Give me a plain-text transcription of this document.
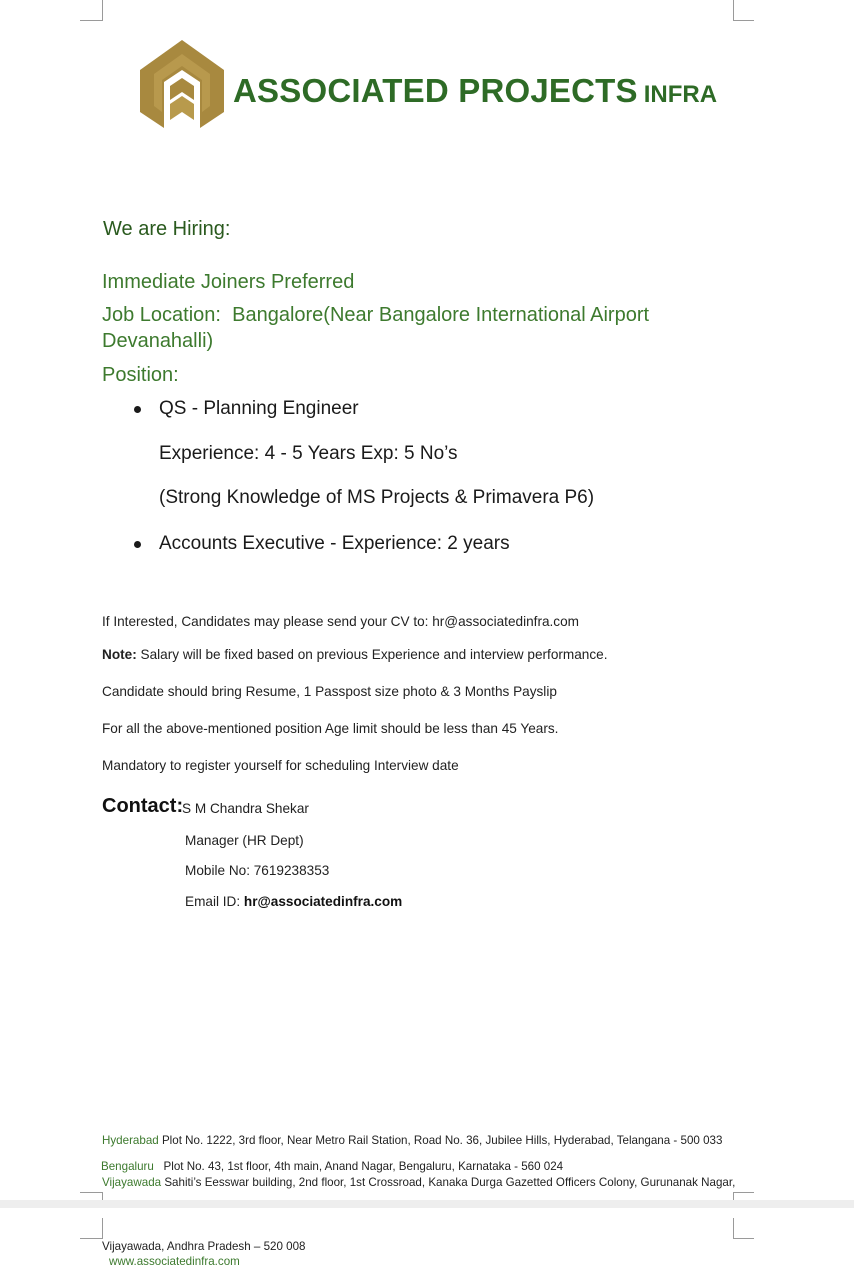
ASSOCIATED PROJECTS INFRA
We are Hiring:
Immediate Joiners Preferred
Job Location: Bangalore(Near Bangalore International Airport
Devanahalli)
Position:
QS - Planning Engineer
Experience: 4 - 5 Years Exp: 5 No’s
(Strong Knowledge of MS Projects & Primavera P6)
Accounts Executive - Experience: 2 years
If Interested, Candidates may please send your CV to: hr@associatedinfra.com
Note: Salary will be fixed based on previous Experience and interview performance.
Candidate should bring Resume, 1 Passpost size photo & 3 Months Payslip
For all the above-mentioned position Age limit should be less than 45 Years.
Mandatory to register yourself for scheduling Interview date
Contact:
S M Chandra Shekar
Manager (HR Dept)
Mobile No: 7619238353
Email ID: hr@associatedinfra.com
Hyderabad Plot No. 1222, 3rd floor, Near Metro Rail Station, Road No. 36, Jubilee Hills, Hyderabad, Telangana - 500 033
Bengaluru Plot No. 43, 1st floor, 4th main, Anand Nagar, Bengaluru, Karnataka - 560 024
Vijayawada Sahiti’s Eesswar building, 2nd floor, 1st Crossroad, Kanaka Durga Gazetted Officers Colony, Gurunanak Nagar,
Vijayawada, Andhra Pradesh – 520 008
www.associatedinfra.com
